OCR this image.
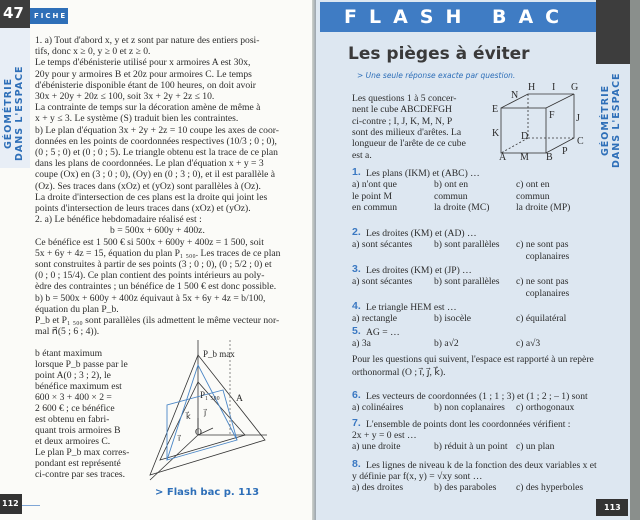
47	FICHE
GÉOMÉTRIE
DANS L'ESPACE
1. a) Tout d'abord x, y et z sont par nature des entiers posi-
tifs, donc x ≥ 0, y ≥ 0 et z ≥ 0.
Le temps d'ébénisterie utilisé pour x armoires A est 30x,
20y pour y armoires B et 20z pour armoires C. Le temps
d'ébénisterie disponible étant de 100 heures, on doit avoir
30x + 20y + 20z ≤ 100, soit 3x + 2y + 2z ≤ 10.
La contrainte de temps sur la décoration amène de même à
x + y ≤ 3. Le système (S) traduit bien les contraintes.
b) Le plan d'équation 3x + 2y + 2z = 10 coupe les axes de coor-
données en les points de coordonnées respectives (10/3 ; 0 ; 0),
(0 ; 5 ; 0) et (0 ; 0 ; 5). Le triangle obtenu est la trace de ce plan
dans les plans de coordonnées. Le plan d'équation x + y = 3
coupe (Ox) en (3 ; 0 ; 0), (Oy) en (0 ; 3 ; 0), et il est parallèle à
(Oz). Ses traces dans (xOz) et (yOz) sont parallèles à (Oz).
La droite d'intersection de ces plans est la droite qui joint les
points d'intersection de leurs traces dans (xOz) et (yOz).
2. a) Le bénéfice hebdomadaire réalisé est :
b = 500x + 600y + 400z.
Ce bénéfice est 1 500 € si 500x + 600y + 400z = 1 500, soit
5x + 6y + 4z = 15, équation du plan P₁ ₅₀₀. Les traces de ce plan
sont construites à partir de ses points (3 ; 0 ; 0), (0 ; 5/2 ; 0) et
(0 ; 0 ; 15/4). Ce plan contient des points intérieurs au poly-
èdre des contraintes ; un bénéfice de 1 500 € est donc possible.
b) b = 500x + 600y + 400z équivaut à 5x + 6y + 4z = b/100,
équation du plan P_b.
P_b et P₁ ₅₀₀ sont parallèles (ils admettent le même vecteur nor-
mal n⃗(5 ; 6 ; 4)).
b étant maximum
lorsque P_b passe par le
point A(0 ; 3 ; 2), le
bénéfice maximum est
600 × 3 + 400 × 2 =
2 600 € ; ce bénéfice
est obtenu en fabri-
quant trois armoires B
et deux armoires C.
Le plan P_b max corres-
pondant est représenté
ci-contre par ses traces.
P_b max
P₁ ₅₀₀ A
O
k⃗ j⃗
i⃗
> Flash bac p. 113
112
FLASH BAC
GÉOMÉTRIE
DANS L'ESPACE
Les pièges à éviter
> Une seule réponse exacte par question.
Les questions 1 à 5 concer-
nent le cube ABCDEFGH
ci-contre ; I, J, K, M, N, P
sont des milieux d'arêtes. La
longueur de l'arête de ce cube
est a.
H I G
N
E
F J
K D	C
P
A M B
Pour les questions qui suivent, l'espace est rapporté à un repère
orthonormal (O ; i⃗, j⃗, k⃗).
1. Les plans (IKM) et (ABC) …
a) n'ont que
le point M
en commun
b) ont en
commun
la droite (MC)
c) ont en
commun
la droite (MP)
2. Les droites (KM) et (AD) …
a) sont sécantes b) sont parallèles c) ne sont pas
coplanaires
3. Les droites (KM) et (JP) …
a) sont sécantes b) sont parallèles c) ne sont pas
coplanaires
4. Le triangle HEM est …
a) rectangle	b) isocèle	c) équilatéral
5. AG = …
a) 3a	b) a√2	c) a√3
6. Les vecteurs de coordonnées (1 ; 1 ; 3) et (1 ; 2 ; – 1) sont
a) colinéaires	b) non coplanaires c) orthogonaux
7. L'ensemble de points dont les coordonnées vérifient :
2x + y = 0 est …
a) une droite	b) réduit à un point c) un plan
8. Les lignes de niveau k de la fonction des deux variables x et
y définie par f(x, y) = √xy sont …
a) des droites	b) des paraboles c) des hyperboles
113
